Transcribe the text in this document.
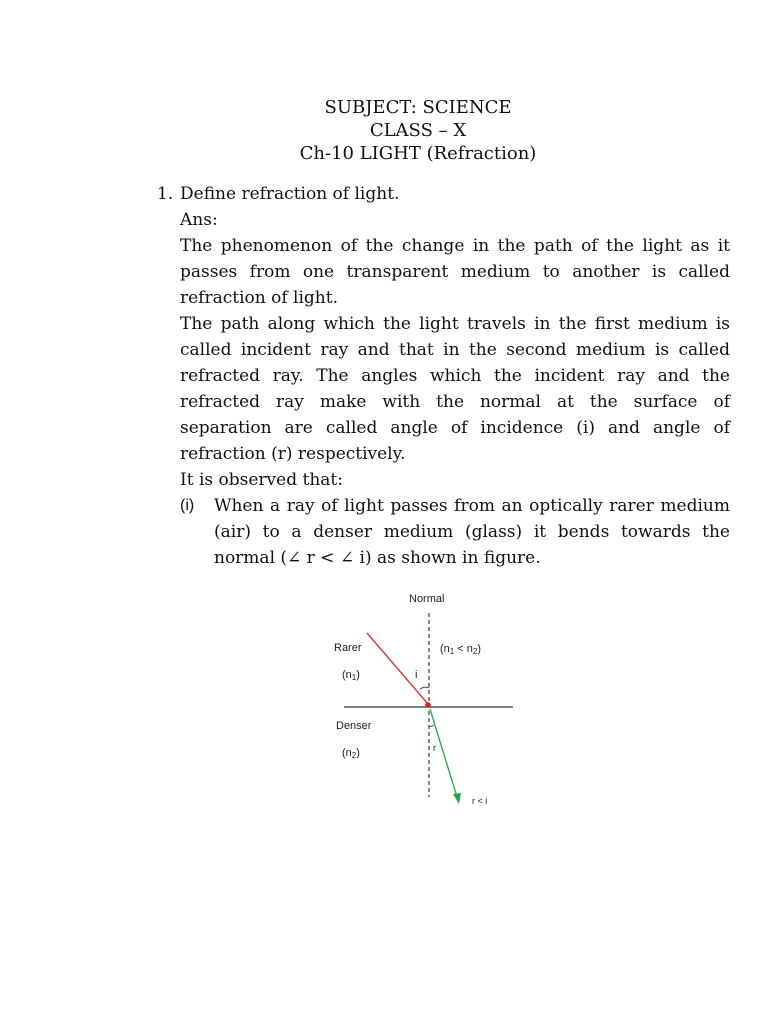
SUBJECT: SCIENCE
CLASS – X
Ch-10 LIGHT (Refraction)
1. Define refraction of light.
Ans:
The phenomenon of the change in the path of the light as it passes from one transparent medium to another is called refraction of light.
The path along which the light travels in the first medium is called incident ray and that in the second medium is called refracted ray. The angles which the incident ray and the refracted ray make with the normal at the surface of separation are called angle of incidence (i) and angle of refraction (r) respectively.
It is observed that:
(i)	When a ray of light passes from an optically rarer medium (air) to a denser medium (glass) it bends towards the normal (∠ r < ∠ i) as shown in figure.
Normal
Rarer
$(n_1)$
$(n_1 < n_2)$
i
Denser
$(n_2)$	r
r < i
